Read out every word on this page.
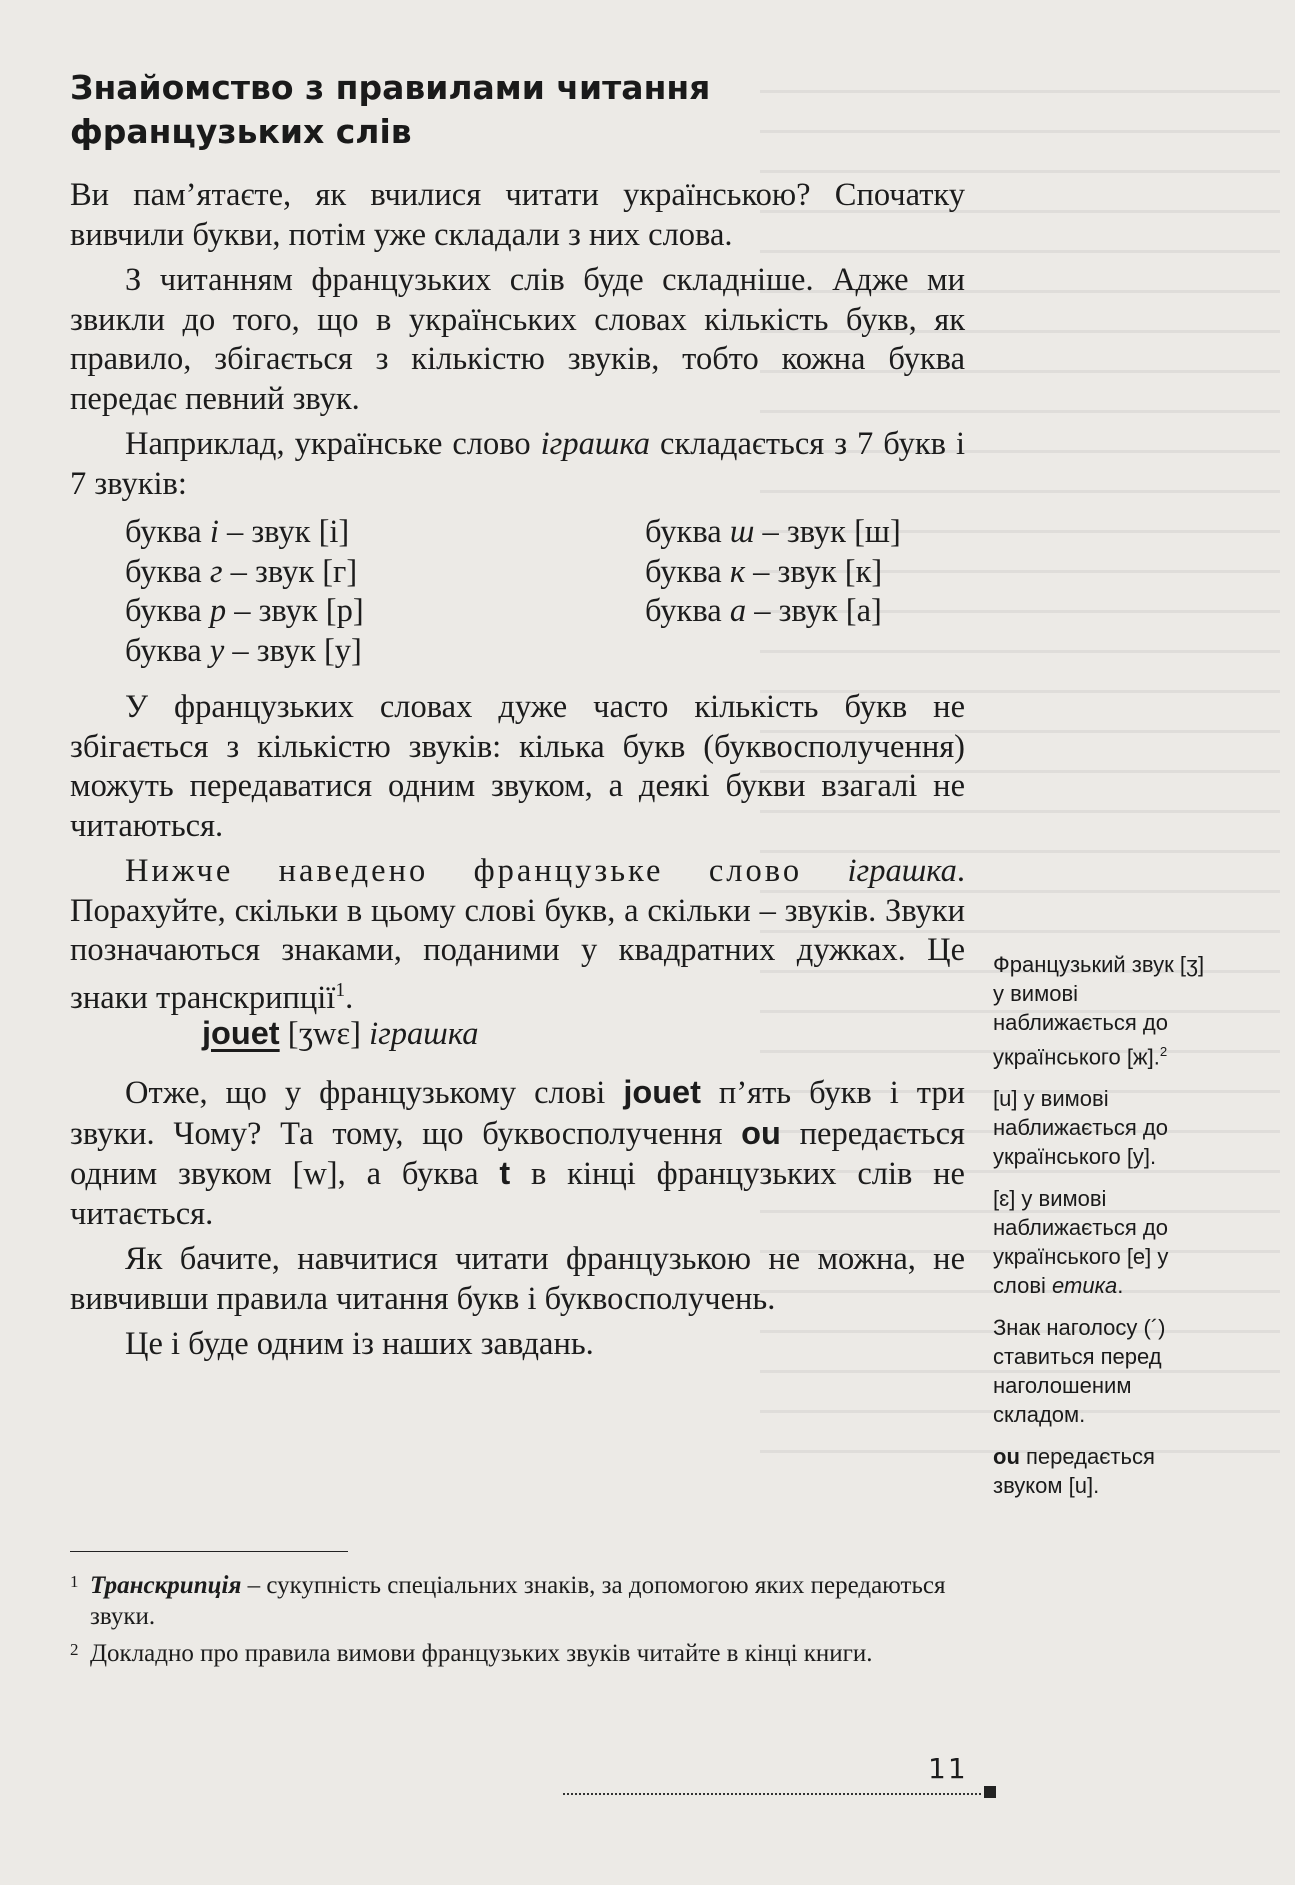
Знайомство з правилами читання
французьких слів

Ви пам’ятаєте, як вчилися читати українською? Спочатку вивчили букви, потім уже складали з них слова.

З читанням французьких слів буде складніше. Адже ми звикли до того, що в українських словах кількість букв, як правило, збігається з кількістю звуків, тобто кожна буква передає певний звук.

Наприклад, українське слово іграшка складається з 7 букв і 7 звуків:

буква і – звук [і]
буква г – звук [г]
буква р – звук [р]
буква у – звук [у]
буква ш – звук [ш]
буква к – звук [к]
буква а – звук [а]

У французьких словах дуже часто кількість букв не збігається з кількістю звуків: кілька букв (буквосполучення) можуть передаватися одним звуком, а деякі букви взагалі не читаються.

Нижче наведено французьке слово іграшка. Порахуйте, скільки в цьому слові букв, а скільки – звуків. Звуки позначаються знаками, поданими у квадратних дужках. Це знаки транскрипції$^1$.

jouet [ʒwɛ] іграшка

Отже, що у французькому слові jouet п’ять букв і три звуки. Чому? Та тому, що буквосполучення ou передається одним звуком [w], а буква t в кінці французьких слів не читається.

Як бачите, навчитися читати французькою не можна, не вивчивши правила читання букв і буквосполучень.

Це і буде одним із наших завдань.

1 Транскрипція – сукупність спеціальних знаків, за допомогою яких передаються звуки.
2 Докладно про правила вимови французьких звуків читайте в кінці книги.
Французький звук [ʒ] у вимові наближається до українського [ж].$^2$
[u] у вимові наближається до українського [у].
[ɛ] у вимові наближається до українського [е] у слові етика.
Знак наголосу (´) ставиться перед наголошеним складом.
ou передається звуком [u].
11
